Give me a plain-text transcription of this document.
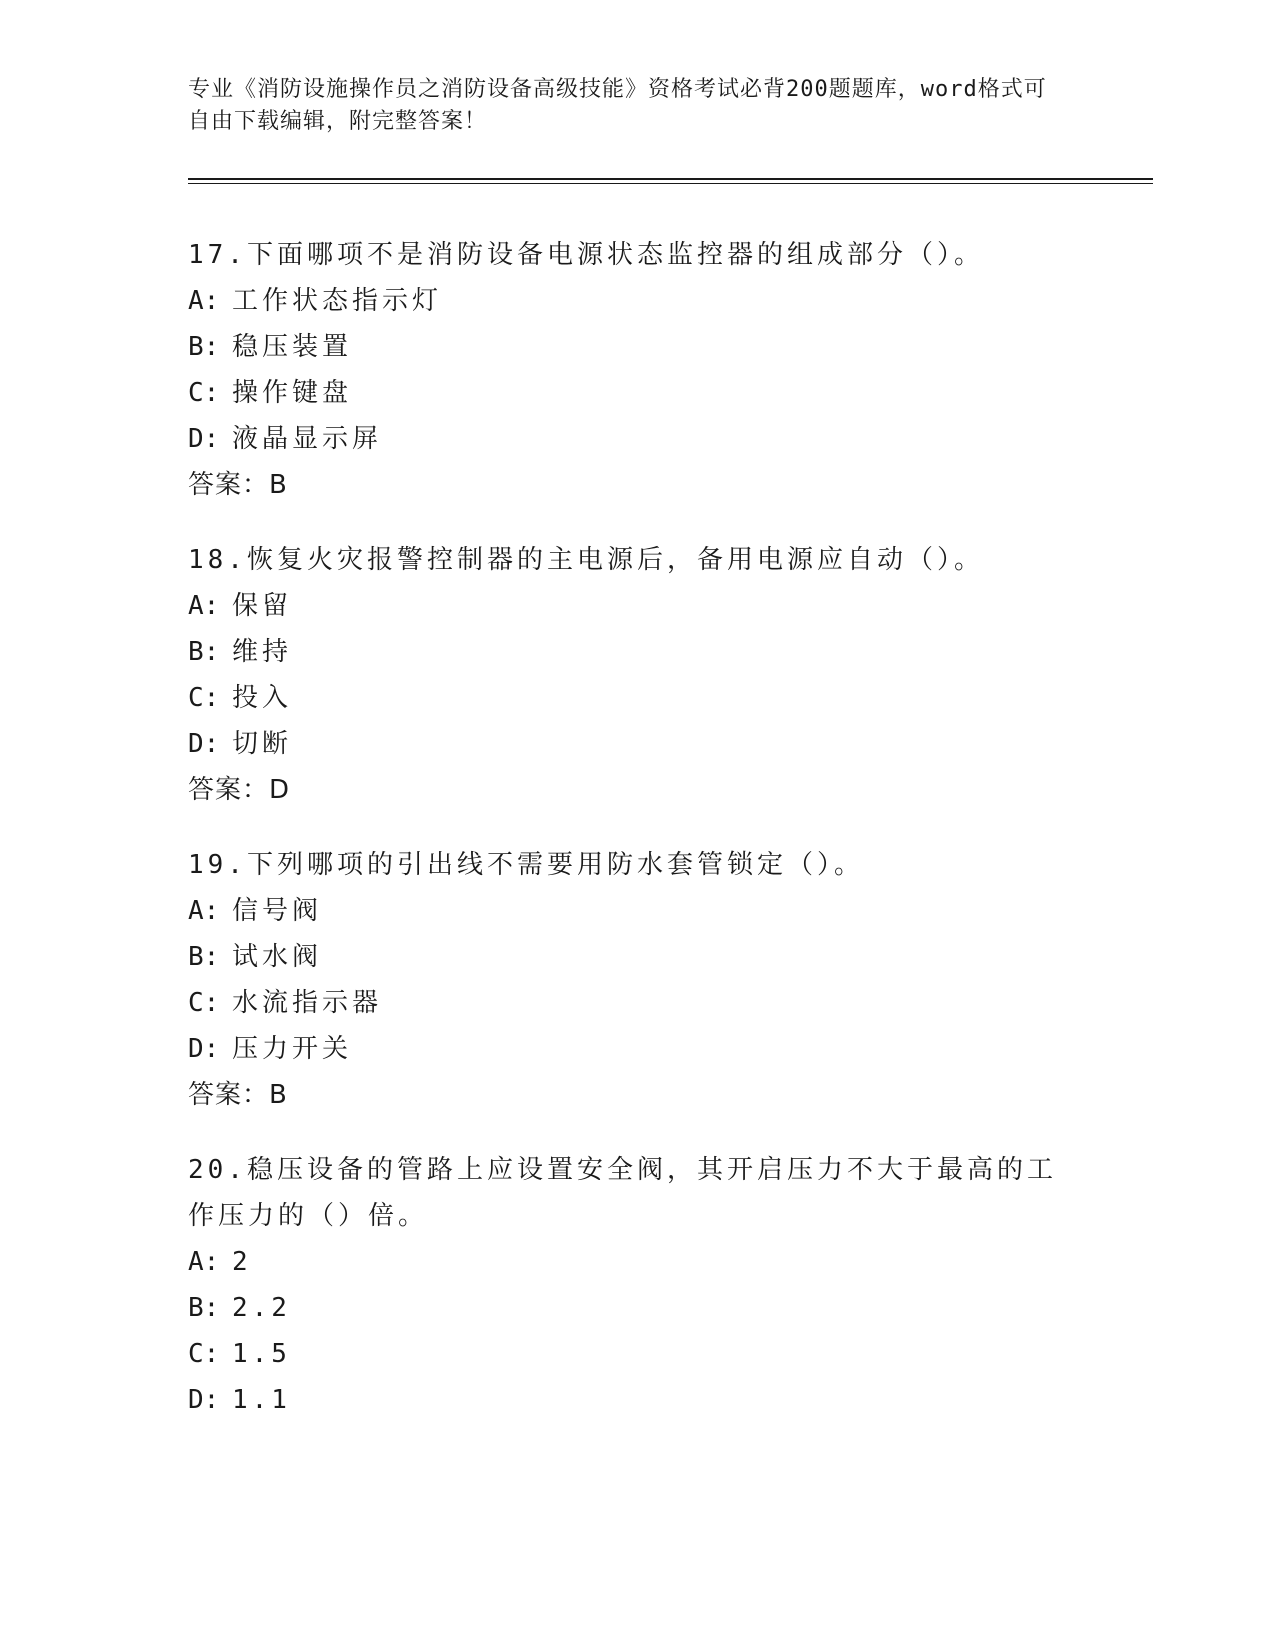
专业《消防设施操作员之消防设备高级技能》资格考试必背200题题库，word格式可自由下载编辑，附完整答案！
17.下面哪项不是消防设备电源状态监控器的组成部分（）。
A: 工作状态指示灯
B: 稳压装置
C: 操作键盘
D: 液晶显示屏
答案：B
18.恢复火灾报警控制器的主电源后，备用电源应自动（）。
A: 保留
B: 维持
C: 投入
D: 切断
答案：D
19.下列哪项的引出线不需要用防水套管锁定（）。
A: 信号阀
B: 试水阀
C: 水流指示器
D: 压力开关
答案：B
20.稳压设备的管路上应设置安全阀，其开启压力不大于最高的工作压力的（）倍。
A: 2
B: 2.2
C: 1.5
D: 1.1
